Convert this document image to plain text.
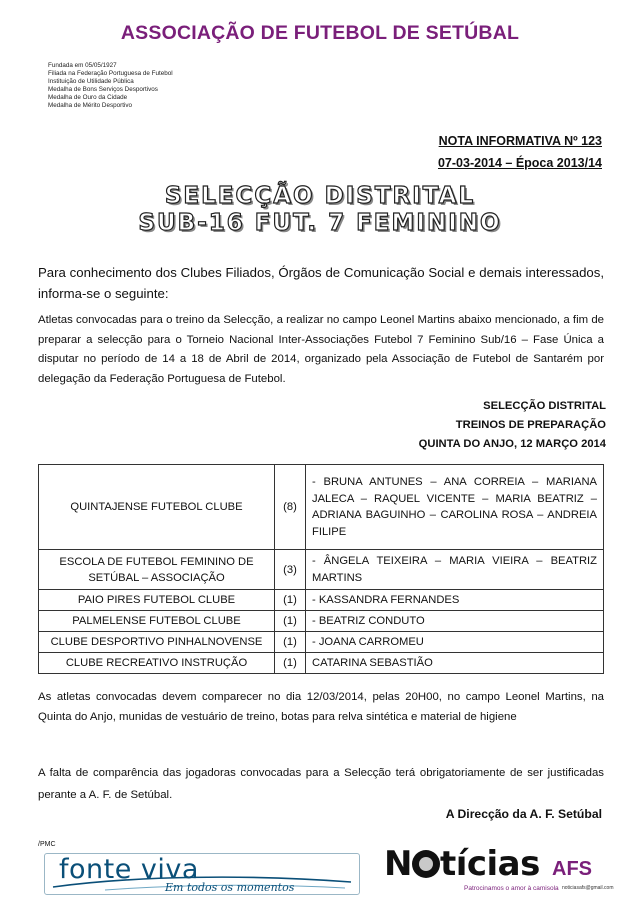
ASSOCIAÇÃO DE FUTEBOL DE SETÚBAL
Fundada em 05/05/1927
Filiada na Federação Portuguesa de Futebol
Instituição de Utilidade Pública
Medalha de Bons Serviços Desportivos
Medalha de Ouro da Cidade
Medalha de Mérito Desportivo
NOTA INFORMATIVA Nº 123
07-03-2014 – Época 2013/14
SELECÇÃO DISTRITAL
SUB-16 FUT. 7 FEMININO

Para conhecimento dos Clubes Filiados, Órgãos de Comunicação Social e demais interessados, informa-se o seguinte:

Atletas convocadas para o treino da Selecção, a realizar no campo Leonel Martins abaixo mencionado, a fim de preparar a selecção para o Torneio Nacional Inter-Associações Futebol 7 Feminino Sub/16 – Fase Única a disputar no período de 14 a 18 de Abril de 2014, organizado pela Associação de Futebol de Santarém por delegação da Federação Portuguesa de Futebol.

SELECÇÃO DISTRITAL
TREINOS DE PREPARAÇÃO
QUINTA DO ANJO, 12 MARÇO 2014
QUINTAJENSE FUTEBOL CLUBE	(8)	- BRUNA ANTUNES – ANA CORREIA – MARIANA JALECA – RAQUEL VICENTE – MARIA BEATRIZ – ADRIANA BAGUINHO – CAROLINA ROSA – ANDREIA FILIPE
ESCOLA DE FUTEBOL FEMININO DE SETÚBAL – ASSOCIAÇÃO	(3)	- ÂNGELA TEIXEIRA – MARIA VIEIRA – BEATRIZ MARTINS
PAIO PIRES FUTEBOL CLUBE	(1)	- KASSANDRA FERNANDES
PALMELENSE FUTEBOL CLUBE	(1)	- BEATRIZ CONDUTO
CLUBE DESPORTIVO PINHALNOVENSE	(1)	- JOANA CARROMEU
CLUBE RECREATIVO INSTRUÇÃO	(1)	CATARINA SEBASTIÃO

As atletas convocadas devem comparecer no dia 12/03/2014, pelas 20H00, no campo Leonel Martins, na Quinta do Anjo, munidas de vestuário de treino, botas para relva sintética e material de higiene

A falta de comparência das jogadoras convocadas para a Selecção terá obrigatoriamente de ser justificadas perante a A. F. de Setúbal.

A Direcção da A. F. Setúbal
/PMC
fonte viva
Em todos os momentos
N tícias AFS
Patrocinamos o amor à camisola noticiasafs@gmail.com
